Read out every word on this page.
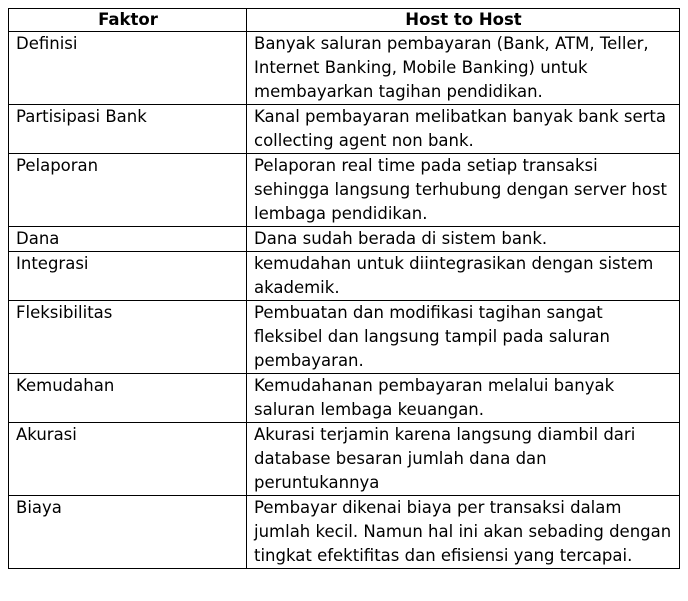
Faktor	Host to Host
Definisi	Banyak saluran pembayaran (Bank, ATM, Teller, Internet Banking, Mobile Banking) untuk membayarkan tagihan pendidikan.
Partisipasi Bank	Kanal pembayaran melibatkan banyak bank serta collecting agent non bank.
Pelaporan	Pelaporan real time pada setiap transaksi sehingga langsung terhubung dengan server host lembaga pendidikan.
Dana	Dana sudah berada di sistem bank.
Integrasi	kemudahan untuk diintegrasikan dengan sistem akademik.
Fleksibilitas	Pembuatan dan modifikasi tagihan sangat fleksibel dan langsung tampil pada saluran pembayaran.
Kemudahan	Kemudahanan pembayaran melalui banyak saluran lembaga keuangan.
Akurasi	Akurasi terjamin karena langsung diambil dari database besaran jumlah dana dan peruntukannya
Biaya	Pembayar dikenai biaya per transaksi dalam jumlah kecil. Namun hal ini akan sebading dengan tingkat efektifitas dan efisiensi yang tercapai.
